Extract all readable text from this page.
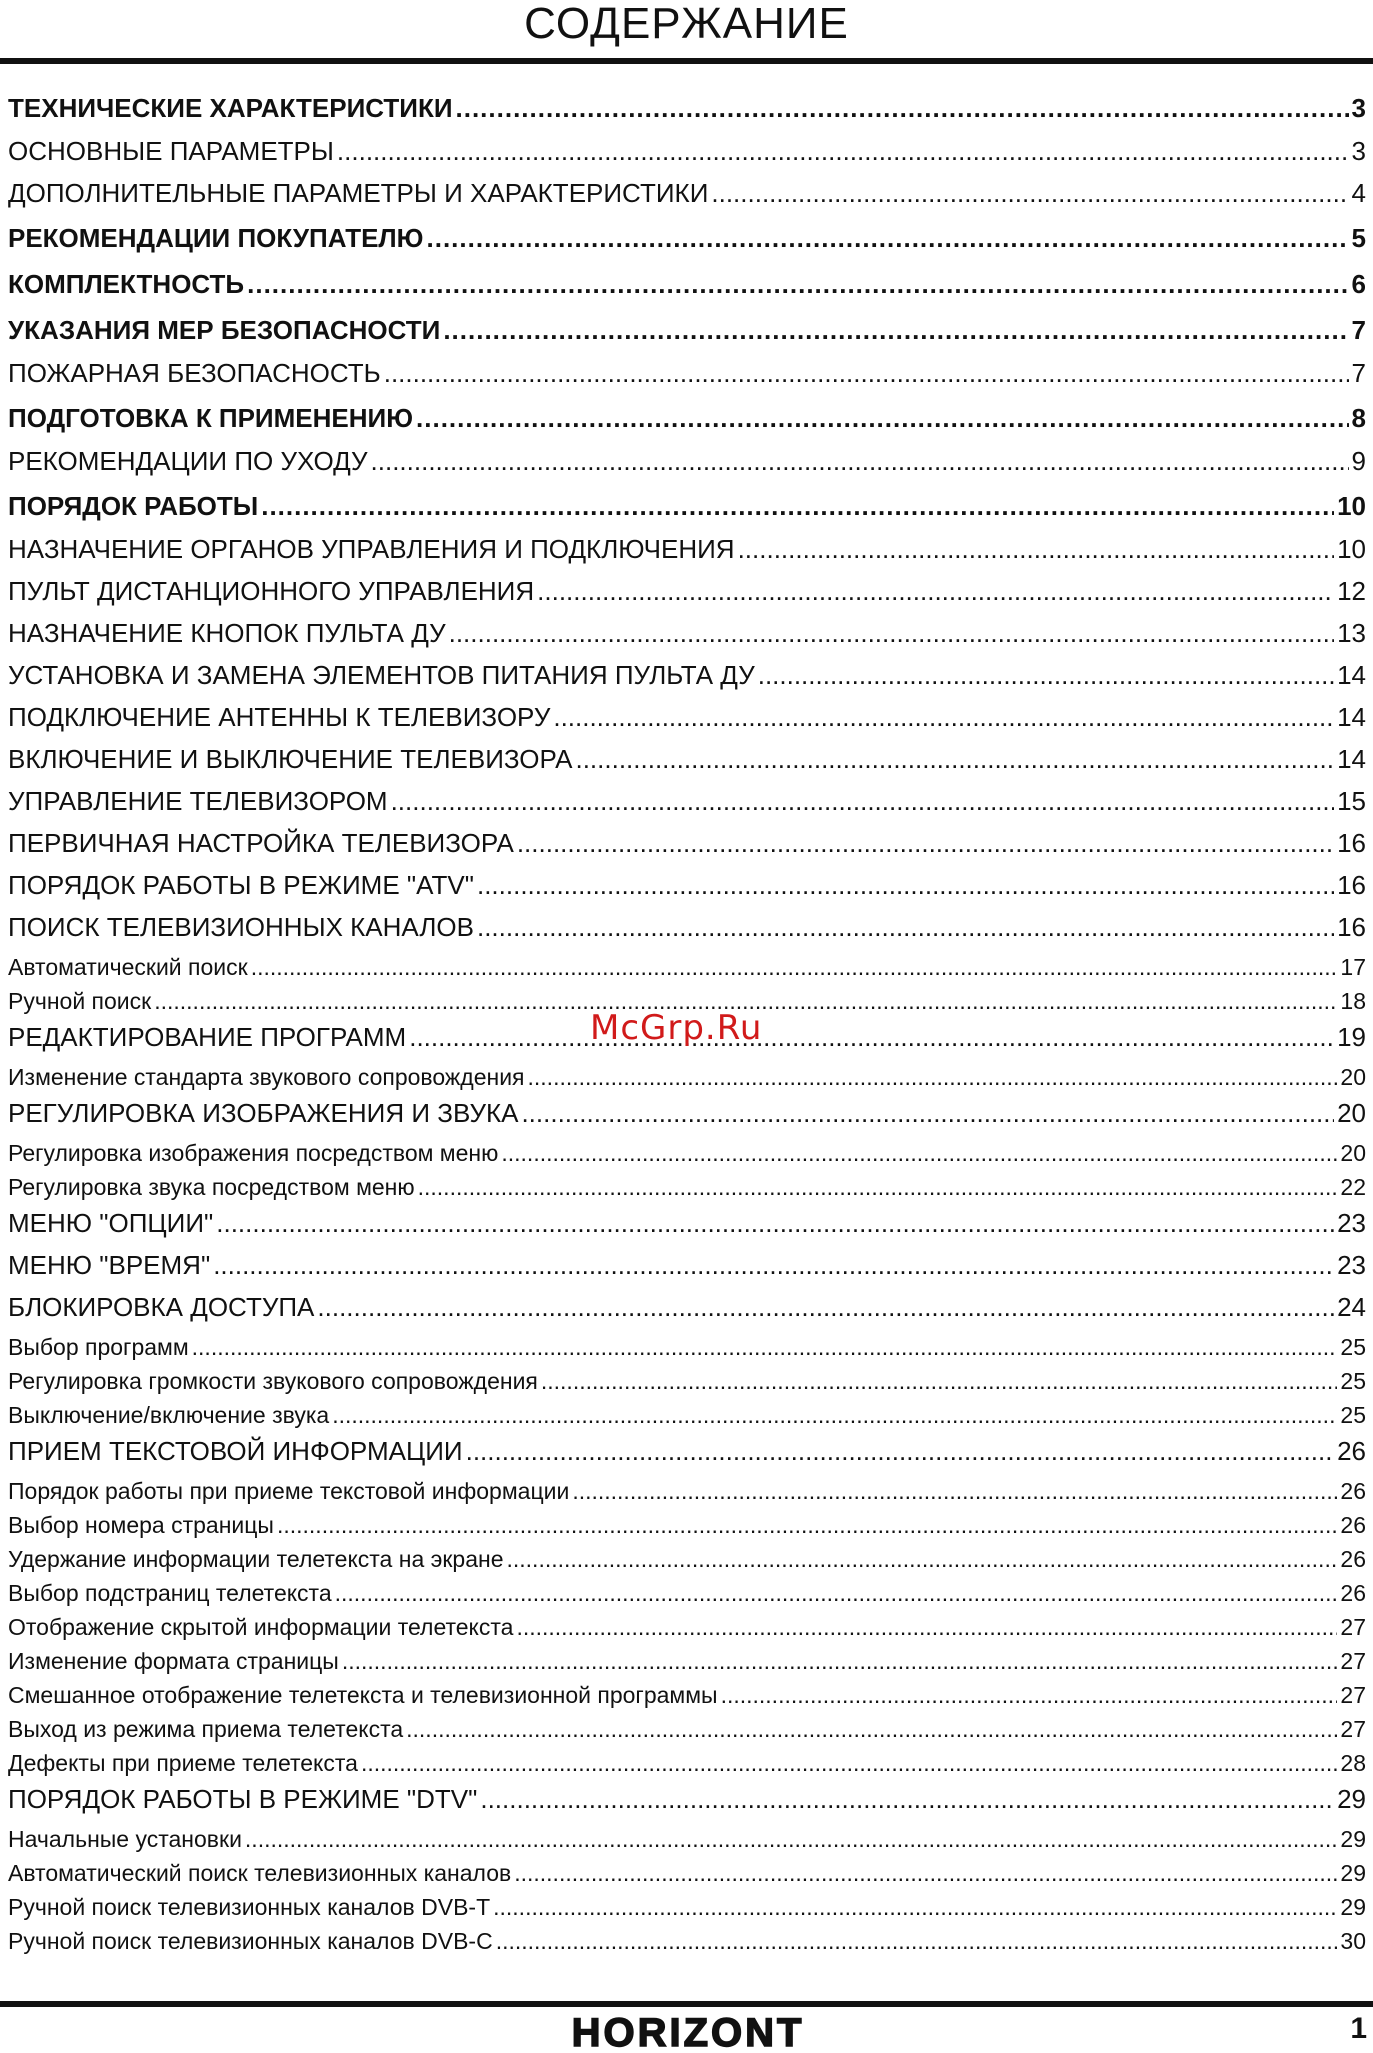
СОДЕРЖАНИЕ
ТЕХНИЧЕСКИЕ ХАРАКТЕРИСТИКИ .....	3
ОСНОВНЫЕ ПАРАМЕТРЫ .....	3
ДОПОЛНИТЕЛЬНЫЕ ПАРАМЕТРЫ И ХАРАКТЕРИСТИКИ .....	4
РЕКОМЕНДАЦИИ ПОКУПАТЕЛЮ .....	5
КОМПЛЕКТНОСТЬ .....	6
УКАЗАНИЯ МЕР БЕЗОПАСНОСТИ .....	7
ПОЖАРНАЯ БЕЗОПАСНОСТЬ .....	7
ПОДГОТОВКА К ПРИМЕНЕНИЮ .....	8
РЕКОМЕНДАЦИИ ПО УХОДУ .....	9
ПОРЯДОК РАБОТЫ .....	10
НАЗНАЧЕНИЕ ОРГАНОВ УПРАВЛЕНИЯ И ПОДКЛЮЧЕНИЯ .....	10
ПУЛЬТ ДИСТАНЦИОННОГО УПРАВЛЕНИЯ .....	12
НАЗНАЧЕНИЕ КНОПОК ПУЛЬТА ДУ .....	13
УСТАНОВКА И ЗАМЕНА ЭЛЕМЕНТОВ ПИТАНИЯ ПУЛЬТА ДУ .....	14
ПОДКЛЮЧЕНИЕ АНТЕННЫ К ТЕЛЕВИЗОРУ .....	14
ВКЛЮЧЕНИЕ И ВЫКЛЮЧЕНИЕ ТЕЛЕВИЗОРА .....	14
УПРАВЛЕНИЕ ТЕЛЕВИЗОРОМ .....	15
ПЕРВИЧНАЯ НАСТРОЙКА ТЕЛЕВИЗОРА .....	16
ПОРЯДОК РАБОТЫ В РЕЖИМЕ "ATV" .....	16
ПОИСК ТЕЛЕВИЗИОННЫХ КАНАЛОВ .....	16
Автоматический поиск .....	17
Ручной поиск .....	18
РЕДАКТИРОВАНИЕ ПРОГРАММ .....	19
Изменение стандарта звукового сопровождения .....	20
РЕГУЛИРОВКА ИЗОБРАЖЕНИЯ И ЗВУКА .....	20
Регулировка изображения посредством меню .....	20
Регулировка звука посредством меню .....	22
МЕНЮ "ОПЦИИ" .....	23
МЕНЮ "ВРЕМЯ" .....	23
БЛОКИРОВКА ДОСТУПА .....	24
Выбор программ .....	25
Регулировка громкости звукового сопровождения .....	25
Выключение/включение звука .....	25
ПРИЕМ ТЕКСТОВОЙ ИНФОРМАЦИИ .....	26
Порядок работы при приеме текстовой информации .....	26
Выбор номера страницы .....	26
Удержание информации телетекста на экране .....	26
Выбор подстраниц телетекста .....	26
Отображение скрытой информации телетекста .....	27
Изменение формата страницы .....	27
Смешанное отображение телетекста и телевизионной программы .....	27
Выход из режима приема телетекста .....	27
Дефекты при приеме телетекста .....	28
ПОРЯДОК РАБОТЫ В РЕЖИМЕ "DTV" .....	29
Начальные установки .....	29
Автоматический поиск телевизионных каналов .....	29
Ручной поиск телевизионных каналов DVB-T .....	29
Ручной поиск телевизионных каналов DVB-C .....	30
McGrp.Ru
HORIZONT	1
